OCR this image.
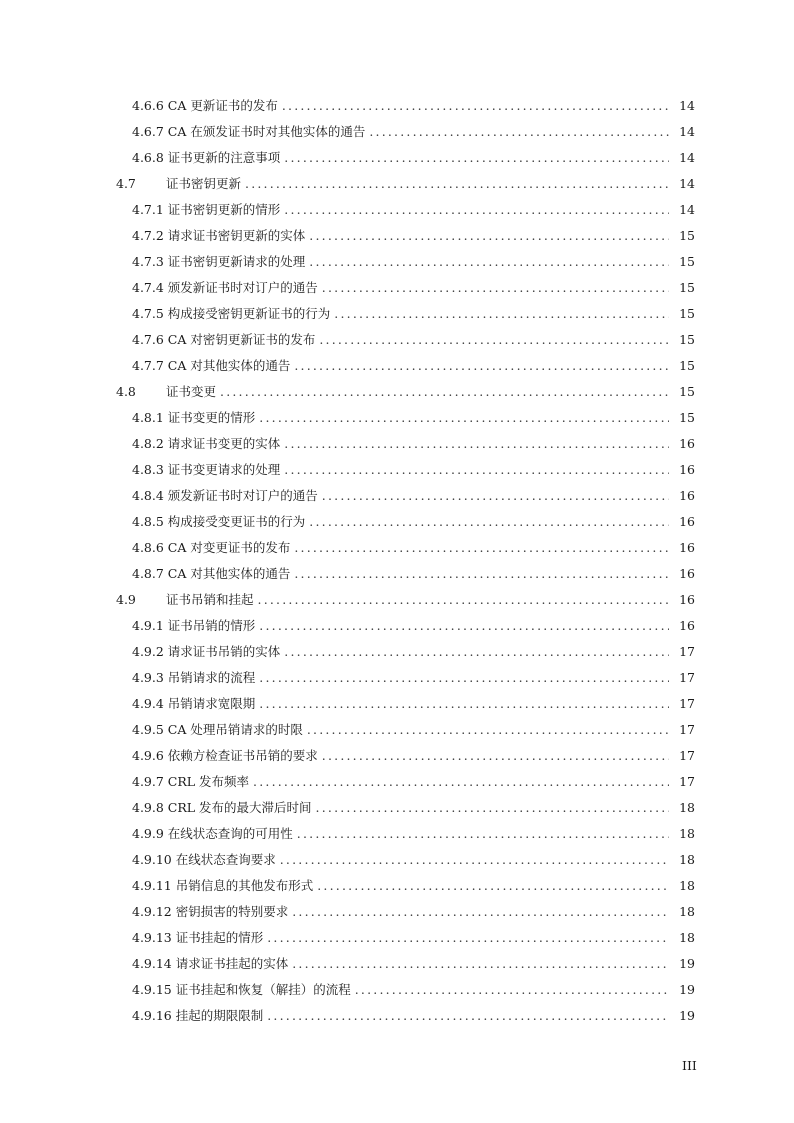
4.6.6 CA 更新证书的发布 .....	14
4.6.7 CA 在颁发证书时对其他实体的通告 .....	14
4.6.8 证书更新的注意事项 .....	14
4.7	证书密钥更新 .....	14
4.7.1 证书密钥更新的情形 .....	14
4.7.2 请求证书密钥更新的实体 .....	15
4.7.3 证书密钥更新请求的处理 .....	15
4.7.4 颁发新证书时对订户的通告 .....	15
4.7.5 构成接受密钥更新证书的行为 .....	15
4.7.6 CA 对密钥更新证书的发布 .....	15
4.7.7 CA 对其他实体的通告 .....	15
4.8	证书变更 .....	15
4.8.1 证书变更的情形 .....	15
4.8.2 请求证书变更的实体 .....	16
4.8.3 证书变更请求的处理 .....	16
4.8.4 颁发新证书时对订户的通告 .....	16
4.8.5 构成接受变更证书的行为 .....	16
4.8.6 CA 对变更证书的发布 .....	16
4.8.7 CA 对其他实体的通告 .....	16
4.9	证书吊销和挂起 .....	16
4.9.1 证书吊销的情形 .....	16
4.9.2 请求证书吊销的实体 .....	17
4.9.3 吊销请求的流程 .....	17
4.9.4 吊销请求宽限期 .....	17
4.9.5 CA 处理吊销请求的时限 .....	17
4.9.6 依赖方检查证书吊销的要求 .....	17
4.9.7 CRL 发布频率 .....	17
4.9.8 CRL 发布的最大滞后时间 .....	18
4.9.9 在线状态查询的可用性 .....	18
4.9.10 在线状态查询要求 .....	18
4.9.11 吊销信息的其他发布形式 .....	18
4.9.12 密钥损害的特别要求 .....	18
4.9.13 证书挂起的情形 .....	18
4.9.14 请求证书挂起的实体 .....	19
4.9.15 证书挂起和恢复（解挂）的流程 .....	19
4.9.16 挂起的期限限制 .....	19
III
